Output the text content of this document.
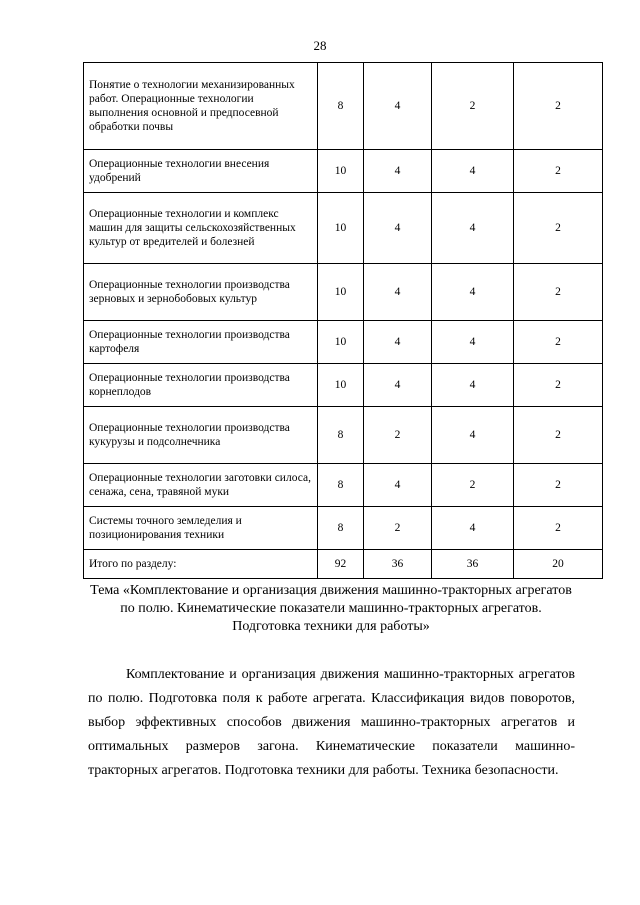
28
Понятие о технологии механизированных работ. Операционные технологии выполнения основной и предпосевной обработки почвы	8	4	2	2
Операционные технологии внесения удобрений	10	4	4	2
Операционные технологии и комплекс машин для защиты сельскохозяйственных культур от вредителей и болезней	10	4	4	2
Операционные технологии производства зерновых и зернобобовых культур	10	4	4	2
Операционные технологии производства картофеля	10	4	4	2
Операционные технологии производства корнеплодов	10	4	4	2
Операционные технологии производства кукурузы и подсолнечника	8	2	4	2
Операционные технологии заготовки силоса, сенажа, сена, травяной муки	8	4	2	2
Системы точного земледелия и позиционирования техники	8	2	4	2
Итого по разделу:	92	36	36	20
Тема «Комплектование и организация движения машинно-тракторных агрегатов по полю. Кинематические показатели машинно-тракторных агрегатов. Подготовка техники для работы»

Комплектование и организация движения машинно-тракторных агрегатов по полю. Подготовка поля к работе агрегата. Классификация видов поворотов, выбор эффективных способов движения машинно-тракторных агрегатов и оптимальных размеров загона. Кинематические показатели машинно-тракторных агрегатов. Подготовка техники для работы. Техника безопасности.
